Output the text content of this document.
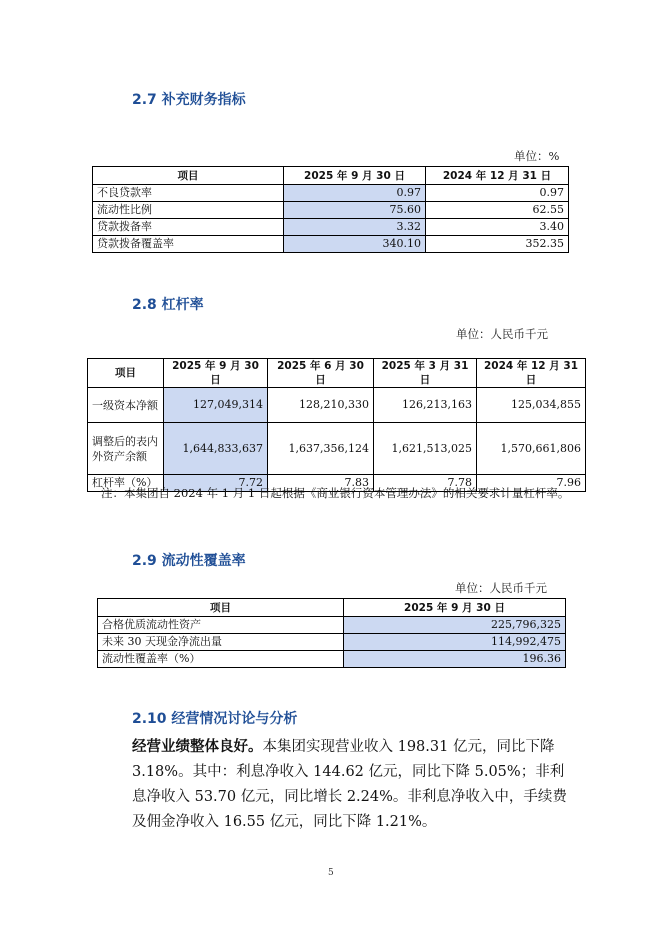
2.7 补充财务指标
单位：%
项目	2025 年 9 月 30 日	2024 年 12 月 31 日
不良贷款率	0.97	0.97
流动性比例	75.60	62.55
贷款拨备率	3.32	3.40
贷款拨备覆盖率	340.10	352.35
2.8 杠杆率
单位：人民币千元
项目	2025 年 9 月 30 日	2025 年 6 月 30 日	2025 年 3 月 31 日	2024 年 12 月 31 日
一级资本净额	127,049,314	128,210,330	126,213,163	125,034,855
调整后的表内外资产余额	1,644,833,637	1,637,356,124	1,621,513,025	1,570,661,806
杠杆率（%）	7.72	7.83	7.78	7.96
注：本集团自 2024 年 1 月 1 日起根据《商业银行资本管理办法》的相关要求计量杠杆率。
2.9 流动性覆盖率
单位：人民币千元
项目	2025 年 9 月 30 日
合格优质流动性资产	225,796,325
未来 30 天现金净流出量	114,992,475
流动性覆盖率（%）	196.36
2.10 经营情况讨论与分析
经营业绩整体良好。本集团实现营业收入 198.31 亿元，同比下降 3.18%。其中：利息净收入 144.62 亿元，同比下降 5.05%；非利息净收入 53.70 亿元，同比增长 2.24%。非利息净收入中，手续费及佣金净收入 16.55 亿元，同比下降 1.21%。
5
